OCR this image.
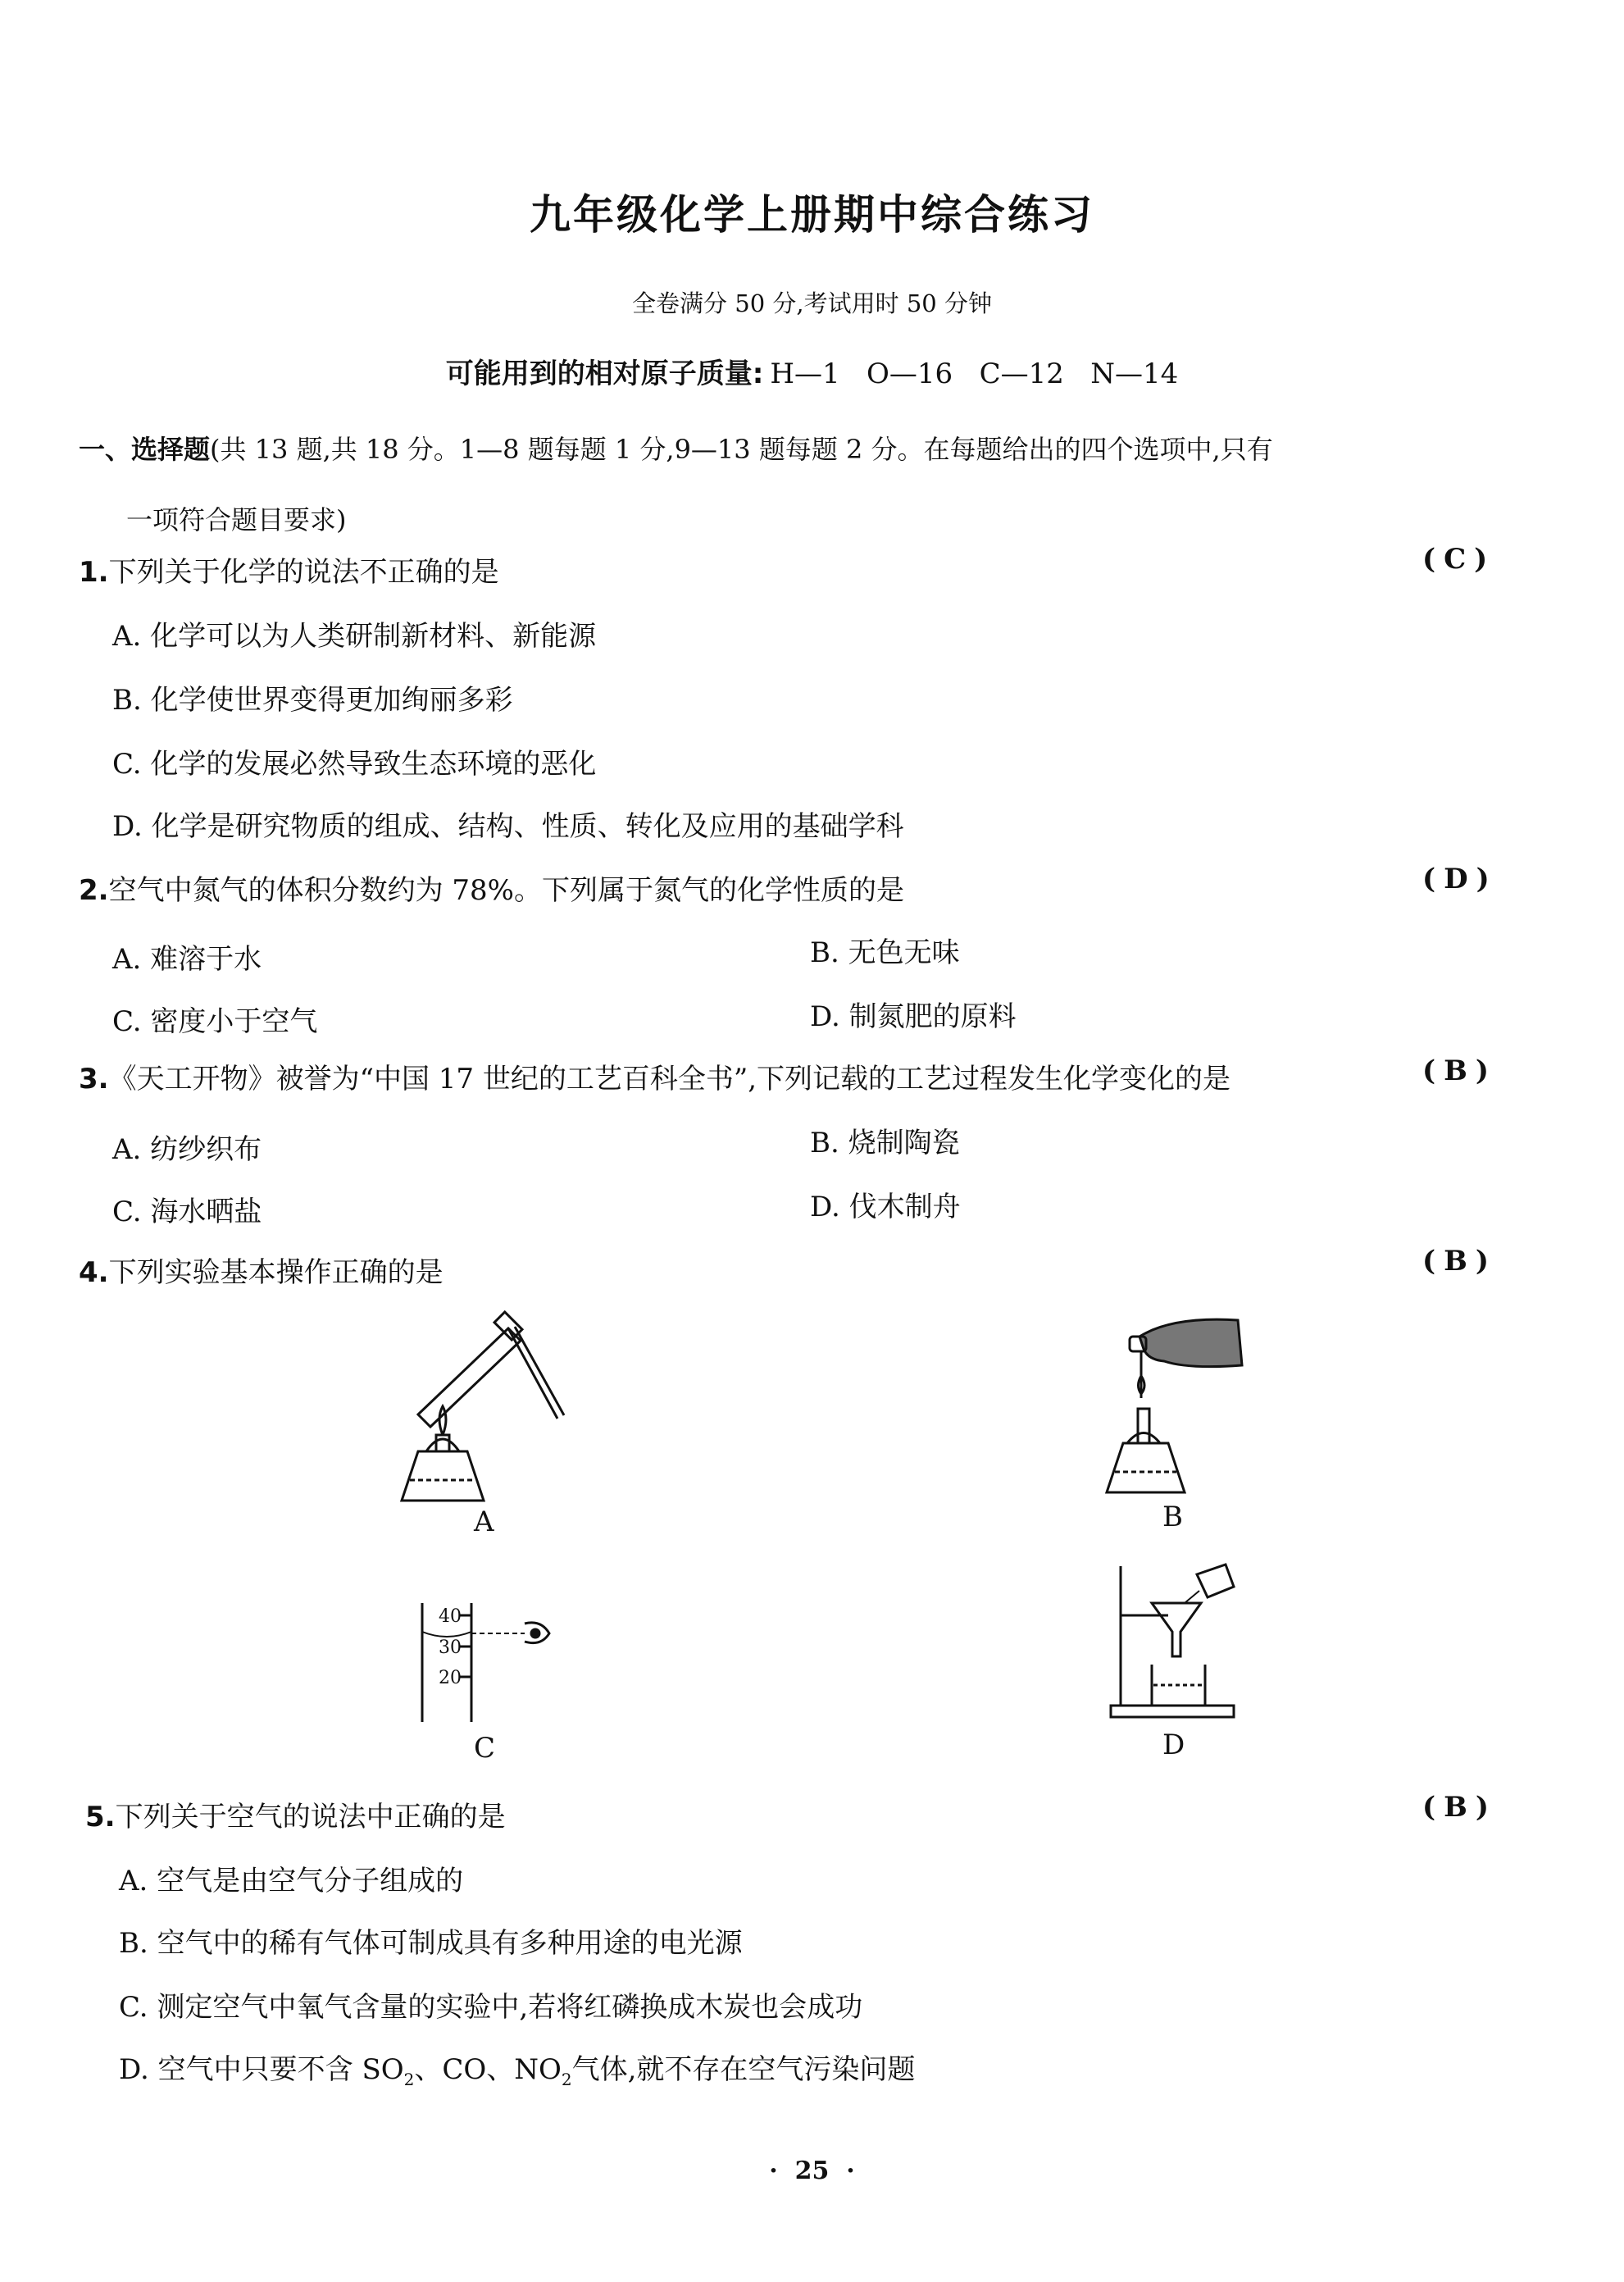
九年级化学上册期中综合练习
全卷满分 50 分,考试用时 50 分钟
可能用到的相对原子质量: H—1   O—16   C—12   N—14
一、选择题(共 13 题,共 18 分。1—8 题每题 1 分,9—13 题每题 2 分。在每题给出的四个选项中,只有
一项符合题目要求)
1.下列关于化学的说法不正确的是	(C)
A. 化学可以为人类研制新材料、新能源
B. 化学使世界变得更加绚丽多彩
C. 化学的发展必然导致生态环境的恶化
D. 化学是研究物质的组成、结构、性质、转化及应用的基础学科
2.空气中氮气的体积分数约为 78%。下列属于氮气的化学性质的是	(D)
A. 难溶于水	B. 无色无味
C. 密度小于空气	D. 制氮肥的原料
3.《天工开物》被誉为“中国 17 世纪的工艺百科全书”,下列记载的工艺过程发生化学变化的是	(B)
A. 纺纱织布	B. 烧制陶瓷
C. 海水晒盐	D. 伐木制舟
4.下列实验基本操作正确的是	(B)
A	B
40
30
20
C	D
5.下列关于空气的说法中正确的是	(B)
A. 空气是由空气分子组成的
B. 空气中的稀有气体可制成具有多种用途的电光源
C. 测定空气中氧气含量的实验中,若将红磷换成木炭也会成功
D. 空气中只要不含 $SO_2$、CO、$NO_2$气体,就不存在空气污染问题
·  25  ·
